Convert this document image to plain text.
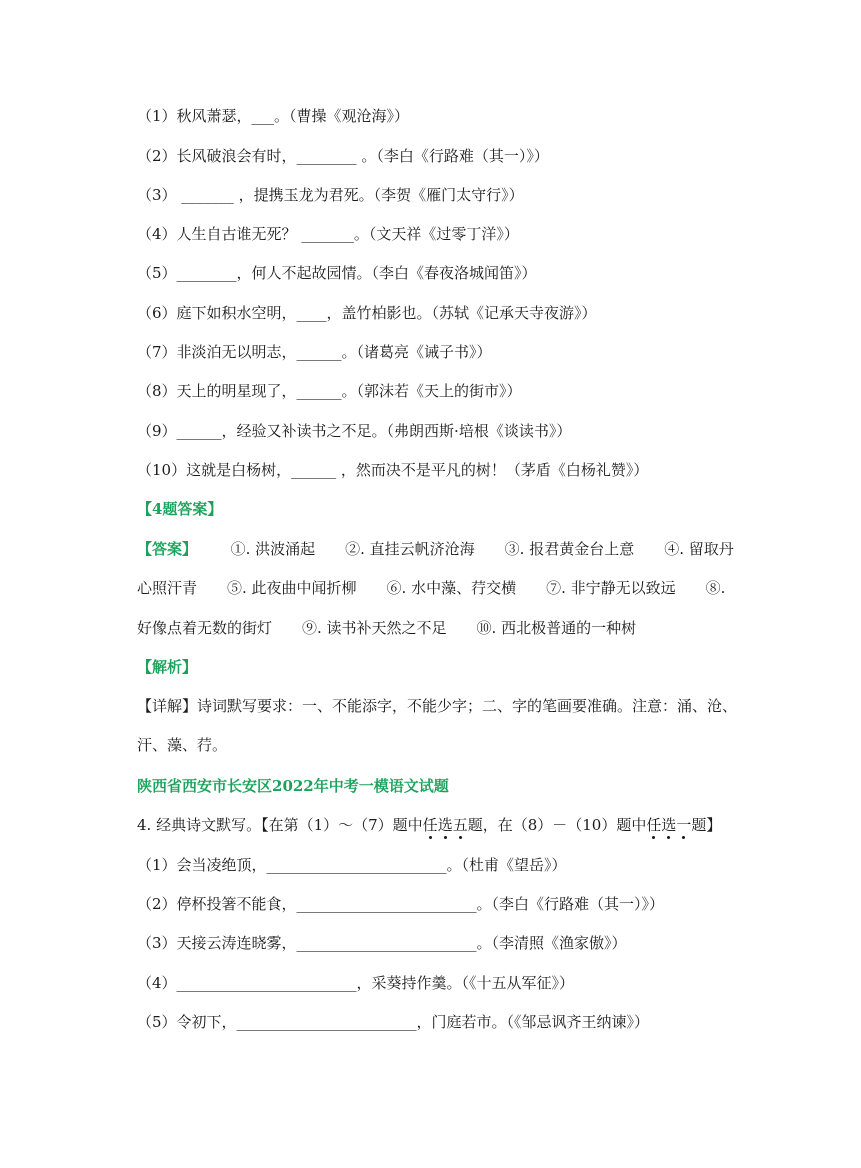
（1）秋风萧瑟，___。（曹操《观沧海》）
（2）长风破浪会有时，________ 。（李白《行路难（其一）》）
（3） _______ ，提携玉龙为君死。（李贺《雁门太守行》）
（4）人生自古谁无死？ _______。（文天祥《过零丁洋》）
（5）________，何人不起故园情。（李白《春夜洛城闻笛》）
（6）庭下如积水空明，____，盖竹柏影也。（苏轼《记承天寺夜游》）
（7）非淡泊无以明志，______。（诸葛亮《诫子书》）
（8）天上的明星现了，______。（郭沫若《天上的街市》）
（9）______，经验又补读书之不足。（弗朗西斯·培根《谈读书》）
（10）这就是白杨树，______ ，然而决不是平凡的树！（茅盾《白杨礼赞》）
【4题答案】
【答案】 ①. 洪波涌起　　②. 直挂云帆济沧海　　③. 报君黄金台上意　　④. 留取丹
心照汗青　　⑤. 此夜曲中闻折柳　　⑥. 水中藻、荇交横　　⑦. 非宁静无以致远　　⑧.
好像点着无数的街灯　　⑨. 读书补天然之不足　　⑩. 西北极普通的一种树
【解析】
【详解】诗词默写要求：一、不能添字，不能少字；二、字的笔画要准确。注意：涌、沧、
汗、藻、荇。
陕西省西安市长安区2022年中考一模语文试题
4. 经典诗文默写。【在第（1）～（7）题中任选五题，在（8）－（10）题中任选一题】
（1）会当凌绝顶，________________________。（杜甫《望岳》）
（2）停杯投箸不能食，________________________。（李白《行路难（其一）》）
（3）天接云涛连晓雾，________________________。（李清照《渔家傲》）
（4）________________________，采葵持作羹。（《十五从军征》）
（5）令初下，________________________，门庭若市。（《邹忌讽齐王纳谏》）
